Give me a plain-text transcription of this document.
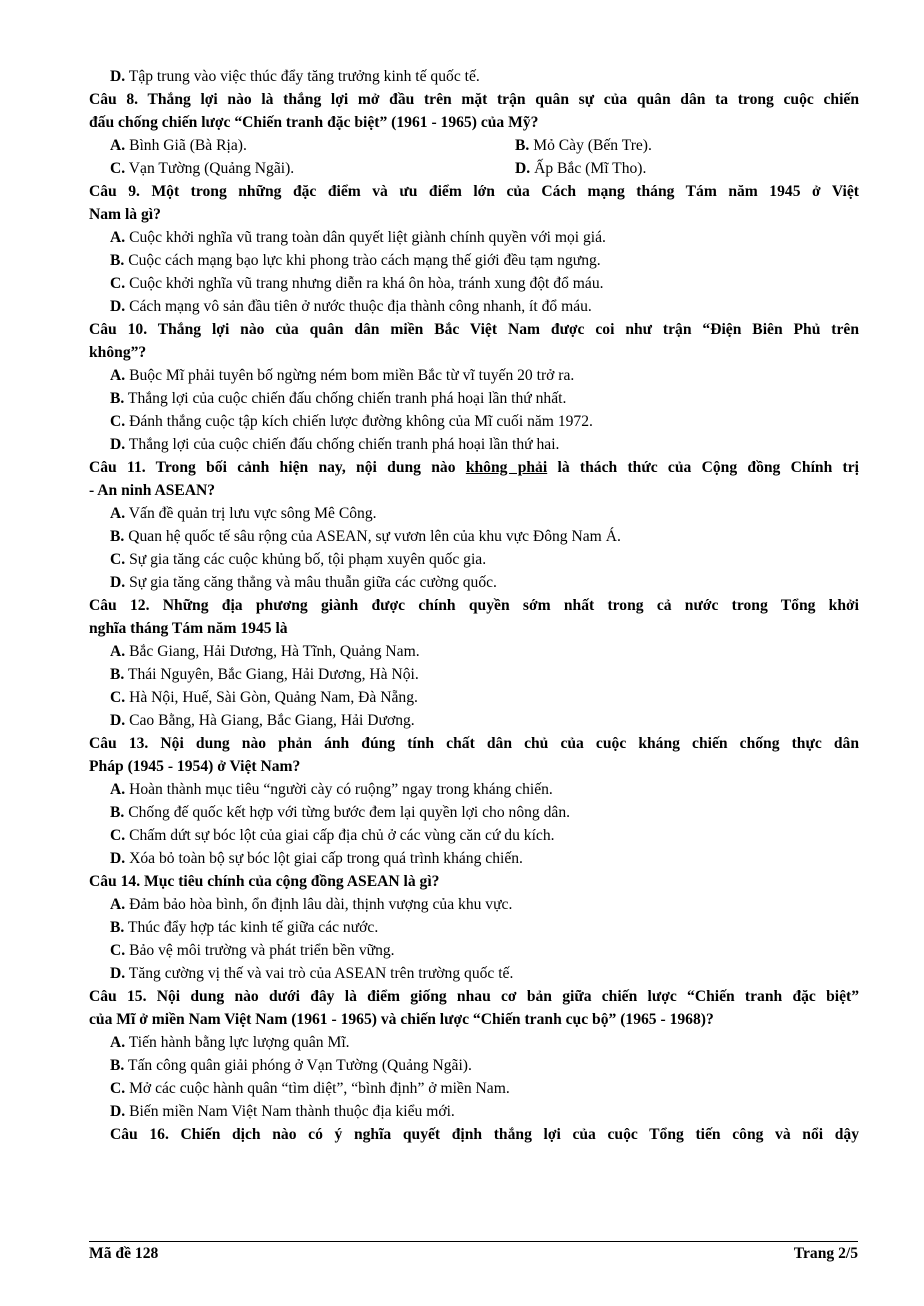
D. Tập trung vào việc thúc đẩy tăng trưởng kinh tế quốc tế.
Câu 8. Thắng lợi nào là thắng lợi mở đầu trên mặt trận quân sự của quân dân ta trong cuộc chiến
đấu chống chiến lược “Chiến tranh đặc biệt” (1961 - 1965) của Mỹ?
A. Bình Giã (Bà Rịa).	B. Mỏ Cày (Bến Tre).
C. Vạn Tường (Quảng Ngãi).	D. Ấp Bắc (Mĩ Tho).
Câu 9. Một trong những đặc điểm và ưu điểm lớn của Cách mạng tháng Tám năm 1945 ở Việt
Nam là gì?
A. Cuộc khởi nghĩa vũ trang toàn dân quyết liệt giành chính quyền với mọi giá.
B. Cuộc cách mạng bạo lực khi phong trào cách mạng thế giới đều tạm ngưng.
C. Cuộc khởi nghĩa vũ trang nhưng diễn ra khá ôn hòa, tránh xung đột đổ máu.
D. Cách mạng vô sản đầu tiên ở nước thuộc địa thành công nhanh, ít đổ máu.
Câu 10. Thắng lợi nào của quân dân miền Bắc Việt Nam được coi như trận “Điện Biên Phủ trên
không”?
A. Buộc Mĩ phải tuyên bố ngừng ném bom miền Bắc từ vĩ tuyến 20 trở ra.
B. Thắng lợi của cuộc chiến đấu chống chiến tranh phá hoại lần thứ nhất.
C. Đánh thắng cuộc tập kích chiến lược đường không của Mĩ cuối năm 1972.
D. Thắng lợi của cuộc chiến đấu chống chiến tranh phá hoại lần thứ hai.
Câu 11. Trong bối cảnh hiện nay, nội dung nào không phải là thách thức của Cộng đồng Chính trị
- An ninh ASEAN?
A. Vấn đề quản trị lưu vực sông Mê Công.
B. Quan hệ quốc tế sâu rộng của ASEAN, sự vươn lên của khu vực Đông Nam Á.
C. Sự gia tăng các cuộc khủng bố, tội phạm xuyên quốc gia.
D. Sự gia tăng căng thẳng và mâu thuẫn giữa các cường quốc.
Câu 12. Những địa phương giành được chính quyền sớm nhất trong cả nước trong Tổng khởi
nghĩa tháng Tám năm 1945 là
A. Bắc Giang, Hải Dương, Hà Tĩnh, Quảng Nam.
B. Thái Nguyên, Bắc Giang, Hải Dương, Hà Nội.
C. Hà Nội, Huế, Sài Gòn, Quảng Nam, Đà Nẵng.
D. Cao Bằng, Hà Giang, Bắc Giang, Hải Dương.
Câu 13. Nội dung nào phản ánh đúng tính chất dân chủ của cuộc kháng chiến chống thực dân
Pháp (1945 - 1954) ở Việt Nam?
A. Hoàn thành mục tiêu “người cày có ruộng” ngay trong kháng chiến.
B. Chống đế quốc kết hợp với từng bước đem lại quyền lợi cho nông dân.
C. Chấm dứt sự bóc lột của giai cấp địa chủ ở các vùng căn cứ du kích.
D. Xóa bỏ toàn bộ sự bóc lột giai cấp trong quá trình kháng chiến.
Câu 14. Mục tiêu chính của cộng đồng ASEAN là gì?
A. Đảm bảo hòa bình, ổn định lâu dài, thịnh vượng của khu vực.
B. Thúc đẩy hợp tác kinh tế giữa các nước.
C. Bảo vệ môi trường và phát triển bền vững.
D. Tăng cường vị thế và vai trò của ASEAN trên trường quốc tế.
Câu 15. Nội dung nào dưới đây là điểm giống nhau cơ bản giữa chiến lược “Chiến tranh đặc biệt”
của Mĩ ở miền Nam Việt Nam (1961 - 1965) và chiến lược “Chiến tranh cục bộ” (1965 - 1968)?
A. Tiến hành bằng lực lượng quân Mĩ.
B. Tấn công quân giải phóng ở Vạn Tường (Quảng Ngãi).
C. Mở các cuộc hành quân “tìm diệt”, “bình định” ở miền Nam.
D. Biến miền Nam Việt Nam thành thuộc địa kiểu mới.
Câu 16. Chiến dịch nào có ý nghĩa quyết định thắng lợi của cuộc Tổng tiến công và nổi dậy
Mã đề 128	Trang 2/5
